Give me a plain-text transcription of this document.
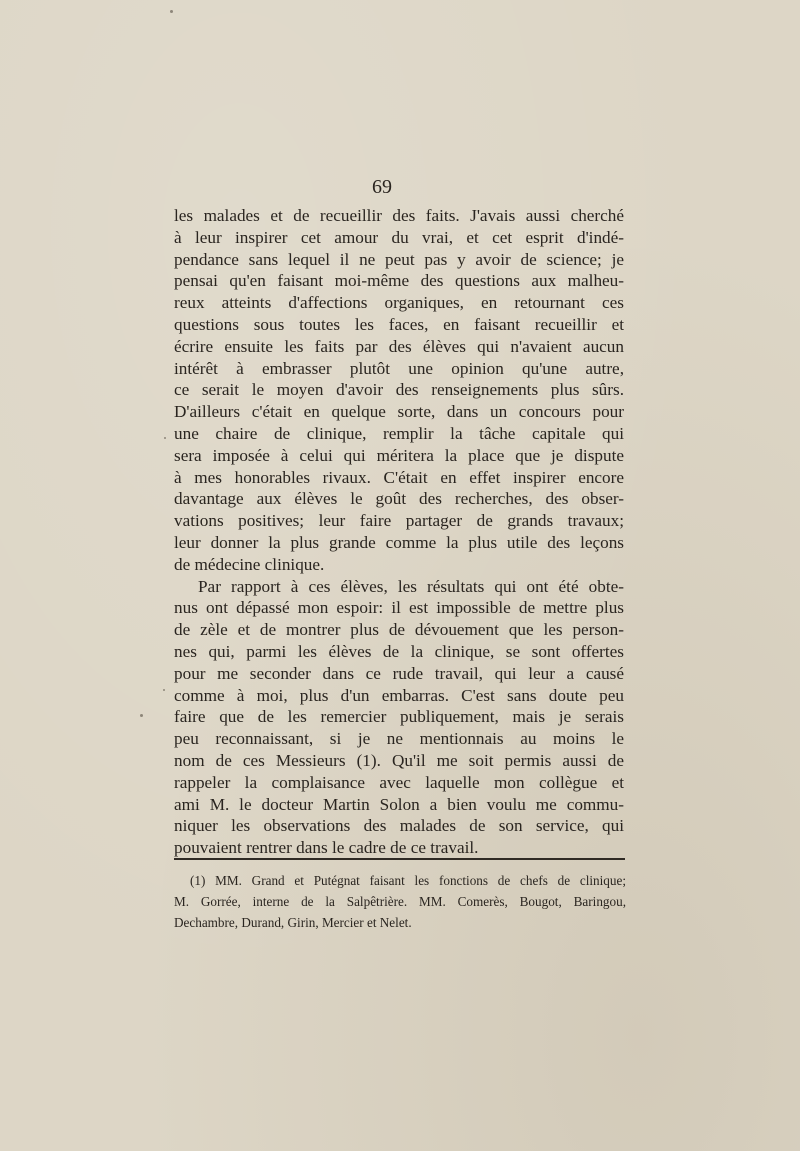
69
les malades et de recueillir des faits. J'avais aussi cherché
à leur inspirer cet amour du vrai, et cet esprit d'indé-
pendance sans lequel il ne peut pas y avoir de science; je
pensai qu'en faisant moi-même des questions aux malheu-
reux atteints d'affections organiques, en retournant ces
questions sous toutes les faces, en faisant recueillir et
écrire ensuite les faits par des élèves qui n'avaient aucun
intérêt à embrasser plutôt une opinion qu'une autre,
ce serait le moyen d'avoir des renseignements plus sûrs.
D'ailleurs c'était en quelque sorte, dans un concours pour
une chaire de clinique, remplir la tâche capitale qui
sera imposée à celui qui méritera la place que je dispute
à mes honorables rivaux. C'était en effet inspirer encore
davantage aux élèves le goût des recherches, des obser-
vations positives; leur faire partager de grands travaux;
leur donner la plus grande comme la plus utile des leçons
de médecine clinique.
Par rapport à ces élèves, les résultats qui ont été obte-
nus ont dépassé mon espoir: il est impossible de mettre plus
de zèle et de montrer plus de dévouement que les person-
nes qui, parmi les élèves de la clinique, se sont offertes
pour me seconder dans ce rude travail, qui leur a causé
comme à moi, plus d'un embarras. C'est sans doute peu
faire que de les remercier publiquement, mais je serais
peu reconnaissant, si je ne mentionnais au moins le
nom de ces Messieurs (1). Qu'il me soit permis aussi de
rappeler la complaisance avec laquelle mon collègue et
ami M. le docteur Martin Solon a bien voulu me commu-
niquer les observations des malades de son service, qui
pouvaient rentrer dans le cadre de ce travail.
(1) MM. Grand et Putégnat faisant les fonctions de chefs de clinique;
M. Gorrée, interne de la Salpêtrière. MM. Comerès, Bougot, Baringou,
Dechambre, Durand, Girin, Mercier et Nelet.
